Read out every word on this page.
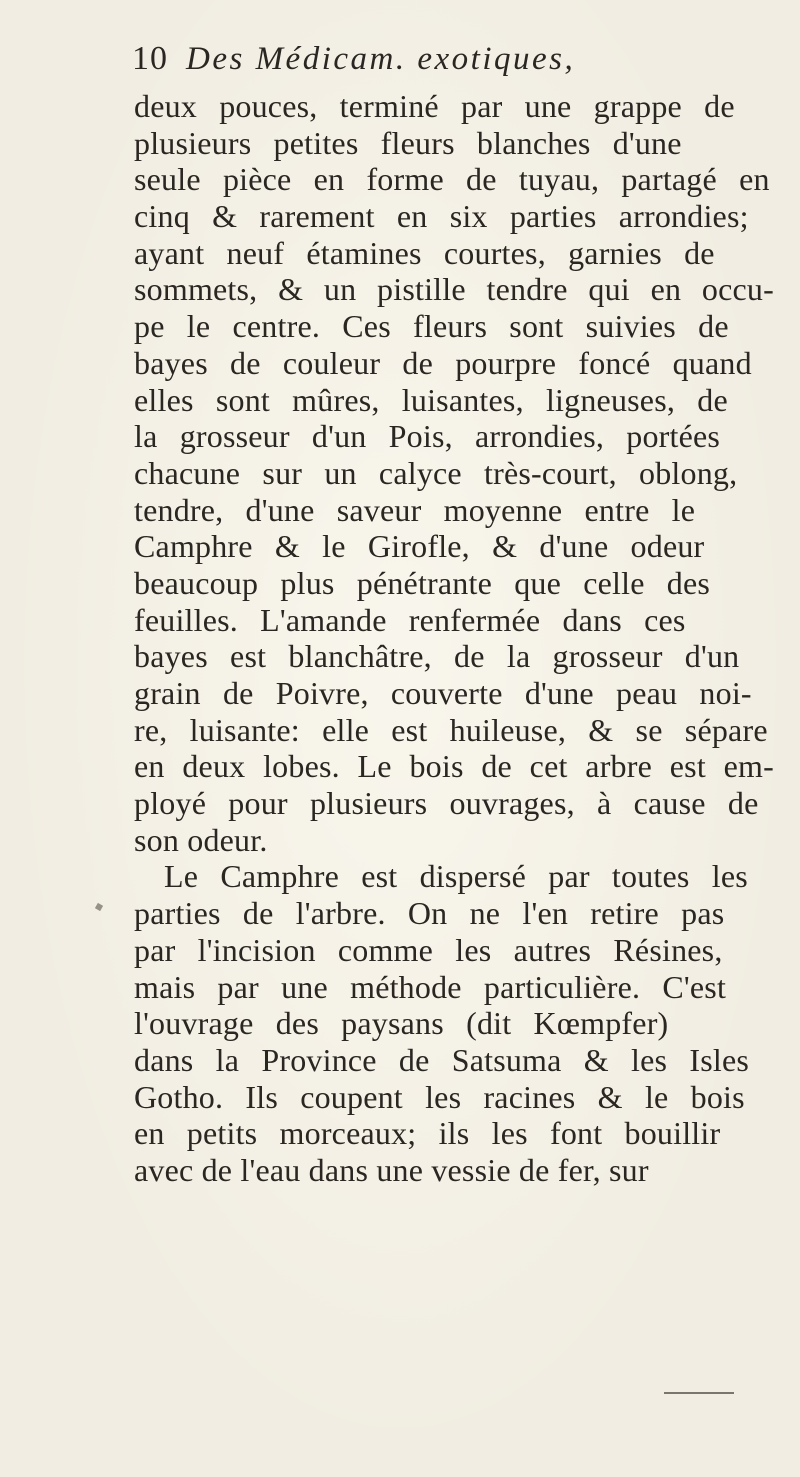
10 Des Médicam. exotiques,
deux pouces, terminé par une grappe de
plusieurs petites fleurs blanches d'une
seule pièce en forme de tuyau, partagé en
cinq & rarement en six parties arrondies;
ayant neuf étamines courtes, garnies de
sommets, & un pistille tendre qui en occu-
pe le centre. Ces fleurs sont suivies de
bayes de couleur de pourpre foncé quand
elles sont mûres, luisantes, ligneuses, de
la grosseur d'un Pois, arrondies, portées
chacune sur un calyce très-court, oblong,
tendre, d'une saveur moyenne entre le
Camphre & le Girofle, & d'une odeur
beaucoup plus pénétrante que celle des
feuilles. L'amande renfermée dans ces
bayes est blanchâtre, de la grosseur d'un
grain de Poivre, couverte d'une peau noi-
re, luisante: elle est huileuse, & se sépare
en deux lobes. Le bois de cet arbre est em-
ployé pour plusieurs ouvrages, à cause de
son odeur.
Le Camphre est dispersé par toutes les
parties de l'arbre. On ne l'en retire pas
par l'incision comme les autres Résines,
mais par une méthode particulière. C'est
l'ouvrage des paysans (dit Kœmpfer)
dans la Province de Satsuma & les Isles
Gotho. Ils coupent les racines & le bois
en petits morceaux; ils les font bouillir
avec de l'eau dans une vessie de fer, sur
